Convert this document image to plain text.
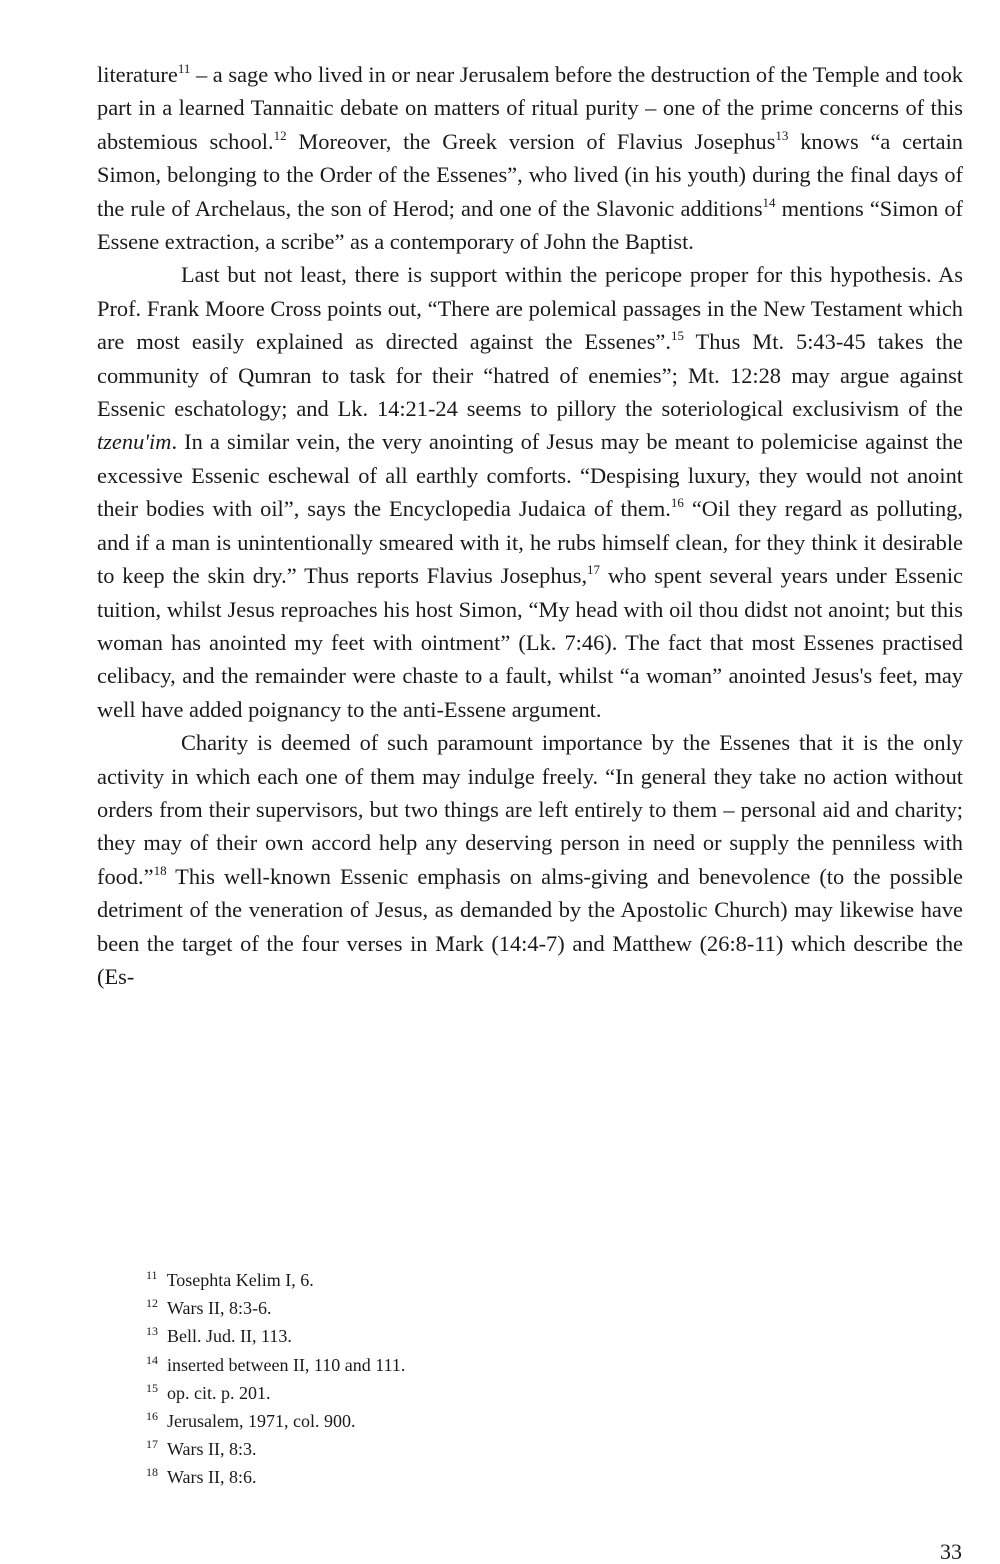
literature$^{11}$ – a sage who lived in or near Jerusalem before the destruction of the Temple and took part in a learned Tannaitic debate on matters of ritual purity – one of the prime concerns of this abstemious school.$^{12}$ Moreover, the Greek version of Flavius Josephus$^{13}$ knows “a certain Simon, belonging to the Order of the Essenes”, who lived (in his youth) during the final days of the rule of Archelaus, the son of Herod; and one of the Slavonic additions$^{14}$ mentions “Simon of Essene extraction, a scribe” as a contemporary of John the Baptist.

Last but not least, there is support within the pericope proper for this hypothesis. As Prof. Frank Moore Cross points out, “There are polemical passages in the New Testament which are most easily explained as directed against the Essenes”.$^{15}$ Thus Mt. 5:43-45 takes the community of Qumran to task for their “hatred of enemies”; Mt. 12:28 may argue against Essenic eschatology; and Lk. 14:21-24 seems to pillory the soteriological exclusivism of the tzenu'im. In a similar vein, the very anointing of Jesus may be meant to polemicise against the excessive Essenic eschewal of all earthly comforts. “Despising luxury, they would not anoint their bodies with oil”, says the Encyclopedia Judaica of them.$^{16}$ “Oil they regard as polluting, and if a man is unintentionally smeared with it, he rubs himself clean, for they think it desirable to keep the skin dry.” Thus reports Flavius Josephus,$^{17}$ who spent several years under Essenic tuition, whilst Jesus reproaches his host Simon, “My head with oil thou didst not anoint; but this woman has anointed my feet with ointment” (Lk. 7:46). The fact that most Essenes practised celibacy, and the remainder were chaste to a fault, whilst “a woman” anointed Jesus's feet, may well have added poignancy to the anti-Essene argument.

Charity is deemed of such paramount importance by the Essenes that it is the only activity in which each one of them may indulge freely. “In general they take no action without orders from their supervisors, but two things are left entirely to them – personal aid and charity; they may of their own accord help any deserving person in need or supply the penniless with food.”$^{18}$ This well-known Essenic emphasis on alms-giving and benevolence (to the possible detriment of the veneration of Jesus, as demanded by the Apostolic Church) may likewise have been the target of the four verses in Mark (14:4-7) and Matthew (26:8-11) which describe the (Es-

$^{11}$ Tosephta Kelim I, 6.
$^{12}$ Wars II, 8:3-6.
$^{13}$ Bell. Jud. II, 113.
$^{14}$ inserted between II, 110 and 111.
$^{15}$ op. cit. p. 201.
$^{16}$ Jerusalem, 1971, col. 900.
$^{17}$ Wars II, 8:3.
$^{18}$ Wars II, 8:6.
33
